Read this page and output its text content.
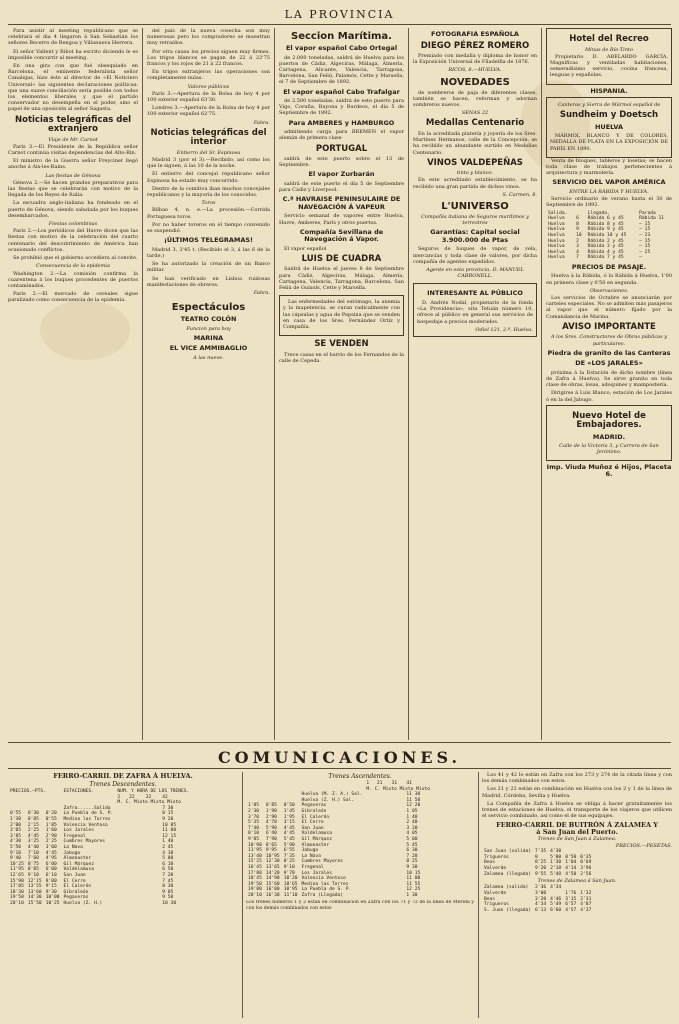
LA PROVINCIA

Para asistir al meeting republicano que se celebrará el dia 4 llegaron á San Sebastián los señores Becerro de Bengoa y Villanueva Herrera.

El señor Vallent y Ribot ha escrito diciendo le es imposible concurrir al meeting.

En una gira con que fué obsequiado en Barcelona, el eminente federalista señor Canalejas, hizo éste al director de «El Noticiero Universal» las siguientes declaraciones políticas: que una suave conciliación sería posible con todos los elementos liberales y que el partido conservador no desempeña en el poder, sino el papel de una oposición al señor Sagasta.

Noticias telegráficas del extranjero
Viaje de Mr. Carnot

París 3.—El Presidente de la República señor Carnot continúa visitas dependencias del Alto-Rin.

El ministro de la Guerra señor Freycinet llegó anoche á Aix-les-Bains.

Las fiestas de Génova

Génova 2.—Se hacen grandes preparativos para las fiestas que se celebrarán con motivo de la llegada de los Reyes de Italia.

La escuadra anglo-italiana ha fondeado en el puerto de Génova, siendo saludada por los buques desembarcados.

Fiestas colombinas

París 2.—Los periódicos del Havre dicen que las fiestas con motivo de la celebración del cuarto centenario del descubrimiento de América han ocasionado conflictos.

Se prohibió que el gobierno accediera al convite.

Consecuencia de la epidemia

Washington 2.—La comisión confirma la cuarentena á los buques procedentes de puertos contaminados.

París 2.—El mercado de cereales sigue paralizado como consecuencia de la epidemia.

del país de la nueva cosecha son muy numerosas pero los compradores se muestran muy retraídos.

Por otra causa los precios siguen muy firmes. Los trigos blancos se pagan de 22 á 22'75 francos y los rojos de 21 á 22 francos.

En trigos extranjeros las operaciones son completamente nulas.

Valores públicos

París 3.—Apertura de la Bolsa de hoy 4 por 100 exterior español 63'30.

Londres 3.—Apertura de la Bolsa de hoy 4 por 100 exterior español 62'75.

Fabra.
Noticias telegráficas del interior
Entierro del Sr. Espinosa

Madrid 3 (por el 3).—Recibido, así como los que le siguen, á las 10 de la noche.

El entierro del concejal republicano señor Espinosa ha estado muy concurrido.

Dentro de la comitiva iban muchos concejales republicanos y la mayoría de los conocidos.

Toros

Bilbao 4, n. e.—La procesión.—Corrida Portuguesa toros.

Por no haber toreros en el tiempo convenido se suspendió.

¡ÚLTIMOS TELEGRAMAS!

Madrid 3, 3'45 t. (Recibido el 3, á las 6 de la tarde.)

Se ha autorizado la creación de un Banco militar.

Se han verificado en Lisboa ruidosas manifestaciones de obreros.

Fabra.
Espectáculos
TEATRO COLÓN
Funcion para hoy
MARINA
EL VICE AMMIBAGLIO
A las nueve.
Seccion Marítima.
El vapor español Cabo Ortegal

de 2.000 toneladas, saldrá de Huelva para los puertos de Cádiz, Algeciras, Málaga, Almería, Cartagena, Alicante, Valencia, Tarragona, Barcelona, San Feliú, Palamós, Cette y Marsella, el 7 de Septiembre de 1892.

El vapor español Cabo Trafalgar

de 2.500 toneladas, saldrá de este puerto para Vigo, Coruña, Bayona y Burdeos, el día 5 de Septiembre de 1892.

Para AMBERES y HAMBURGO

admitiendo carga para BREMEN el vapor alemán de primera clase

PORTUGAL

saldrá de este puerto sobre el 13 de Septiembre.

El vapor Zurbarán

saldrá de este puerto el día 5 de Septiembre para Cádiz y Liverpool.

C.ª HAVRAISE PENINSULAIRE DE NAVEGACIÓN Á VAPEUR

Servicio semanal de vapores entre Huelva, Havre, Amberes, París y otros puertos.

Compañía Sevillana de Navegación á Vapor.

El vapor español

LUIS DE CUADRA

Saldrá de Huelva el jueves 8 de Septiembre para Cádiz, Algeciras, Málaga, Almería, Cartagena, Valencia, Tarragona, Barcelona, San Feliú de Guixols, Cette y Marsella.

Las enfermedades del estómago, la anemia y la inapetencia, se curan radicalmente con las cápsulas y agua de Pepsina que se venden en casa de los Sres. Fernández Ortiz y Compañía.

SE VENDEN

Trece casas en el barrio de los Fernandos de la calle de Cepeda.

FOTOGRAFIA ESPAÑOLA
DIEGO PÉREZ ROMERO

Premiado con medalla y diploma de honor en la Exposición Universal de Filadelfia de 1876.

RICOS, 8.—HUELVA.
NOVEDADES

de sombreros de paja de diferentes clases, también se hacen, reforman y adornan sombreros nuevos.

SENAS 22
Medallas Centenario

En la acreditada platería y joyería de los Sres. Martínez Hermanos, calle de la Concepción, se ha recibido un abundante surtido en Medallas Centenario.

VINOS VALDEPEÑAS
tinto y blanco.

En este acreditado establecimiento, se ha recibido una gran partida de dichos vinos.

S. Carmen, 8.
L'UNIVERSO
Compañía italiana de Seguros marítimos y terrestres
Garantías: Capital social 3.900.000 de Ptas

Seguros de buques de vapor, de vela, mercancías y toda clase de valores, por dicha compañía de agentes expedidos.

Agente en esta provincia, D. MANUEL CABRONELL.
INTERESANTE AL PÚBLICO

D. Andrés Nodal, propietario de la fonda «La Providencia», sita Tetuán número 10, ofrece al público en general sus servicios de hospedaje a precios moderados.

Odiel 121, 2.º, Huelva.
Hotel del Recreo
Minas de Río-Tinto

Propietario D. ABELARDO GARCÍA. Magníficas y ventiladas habitaciones, esmeradísimo servicio, cocina francesa, lenguas y españolas.

HISPANIA.
Canteras y Sierra de Mármol español de
Sundheim y Doetsch
HUELVA

MÁRMOL BLANCO Y DE COLORES, MEDALLA DE PLATA EN LA EXPOSICIÓN DE PARÍS EN 1890.

Venta de bloques, tableros y losetas; se hacen toda clase de trabajos pertenecientes á arquitectura y marmolería.

SERVICIO DEL VAPOR AMÉRICA
ENTRE LA RÁBIDA Y HUELVA.

Servicio ordinario de verano hasta el 30 de Septiembre de 1892.

Salida.		Llegada.	Parada
Huelva	6	Rábida 6 y 45	Rábida 11
Huelva	8	Rábida 8 y 45	— 15
Huelva	9	Rábida 9 y 45	— 15
Huelva	10	Rábida 10 y 45	— 23
Huelva	2	Rábida 2 y 45	— 15
Huelva	3	Rábida 3 y 45	— 15
Huelva	4	Rábida 4 y 45	— 25
Huelva	7	Rábida 7 y 45	—
PRECIOS DE PASAJE.

Huelva á la Rábida, ó la Rábida á Huelva, 1'00 en primera clase y 0'50 en segunda.

Observaciones.

Los servicios de Octubre se anunciarán por carteles especiales. No se admiten más pasajeros al vapor que el número fijado por la Comandancia de Marina.

AVISO IMPORTANTE
A los Sres. Constructores de Obras públicas y particulares.
Piedra de granito de las Canteras
DE «LOS JARALES»

próxima á la Estación de dicho nombre (línea de Zafra á Huelva). Se sirve granito en toda clase de obras, losas, adoquines y mampostería.

Dirigirse á Luis Blanco, estación de Los Jarales ó en la del Jabugo.

Nuevo Hotel de Embajadores.
MADRID.
Calle de la Victoria 3, y Carrera de San Jerónimo.
Imp. Viuda Muñoz é Hijos, Placeta 6.
COMUNICACIONES.
FERRO-CARRIL DE ZAFRA Á HUELVA.
Trenes Descendentes.
PRECIOS.—PTS.			ESTACIONES.	NUM. Y HORA DE LOS TRENES.			
				2	22	32	42
				M. C. Mixto Mixto Mixto			
			Zafra......Salida				7 30
0'55	0'30	0'20	La Puebla de S. P.				8 15
1'30	0'85	0'55	Medina las Torres				9 20
2'00	2'15	1'85	Valencia Ventoso				10 05
3'05	2'25	1'60	Los Jarales				11 00
3'85	4'45	2'90	Fregenal				12 15
4'30	3'25	2'25	Cumbres Mayores				1 40
5'50	4'40	3'00	La Nava				2 45
9'10	7'10	4'45	Jabugo				4 10
9'40	7'60	4'95	Almonaster				5 00
10'25	8'75	6'00	Gil Márquez				6 10
11'95	8'85	6'00	Valdelamusa				6 50
12'65	9'10	6'10	San Juan				7 20
15'90	12'15	8'00	El Cerro				7 45
17'05	13'55	9'15	El Calerón				8 30
18'30	13'60	9'30	Gibraleón				9 05
19'50	14'30	10'00	Pegaseras				9 50
20'10	15'50	10'25	Huelva (Z. H.)				10 30
Trenes Ascendentes.
				1	21	31	41
				M. C. Mixto Mixto Mixto			
			Huelva (M. Z. A.) Sal.				11 30
			Huelva (Z. H.) Sal.				11 50
1'05	0'85	0'50	Pegaseras				12 20
2'30	1'90	1'45	Gibraleón				1 05
3'70	2'90	1'95	El Calerón				1 40
5'35	4'70	3'15	El Cerro				2 40
7'40	5'90	4'45	San Juan				3 20
8'10	6'40	4'45	Valdelamusa				4 05
9'85	7'90	5'45	Gil Márquez				5 00
10'90	8'65	5'90	Almonaster				5 45
11'95	9'95	6'55	Jabugo				6 30
13'40	10'95	7'35	La Nava				7 20
15'25	12'30	8'25	Cumbres Mayores				8 25
16'45	13'65	9'10	Fregenal				9 30
17'80	14'20	9'70	Los Jarales				10 15
18'45	14'90	10'20	Valencia Ventoso				11 00
19'50	15'60	10'65	Medina las Torres				11 55
19'80	16'00	10'95	La Puebla de S. P.				12 25
20'10	16'30	11'10	Zafra (Llegada)				1 30
Los trenes números 1 y 2 están en combinación en Zafra con los 71 y 72 de la línea de Mérida y con los demás combinados con estos

Los 41 y 42 lo están en Zafra con los 273 y 274 de la citada línea y con los demás combinados con estos.

Los 21 y 22 están en combinación en Huelva con los 2 y 1 de la línea de Madrid, Córdoba, Sevilla y Huelva.

La Compañía de Zafra á Huelva se obliga á hacer gratuitamente los trenes de estaciones de Huelva, el transporte de los viajeros que utilicen el servicio combinado, así como el de sus equipajes.

FERRO-CARRIL DE BUITRÓN Á ZALAMEA Y
á San Juan del Puerto.
Trenes de San Juan á Zalamea.
PRECIOS.—PESETAS.
San Juan (salida)	7'35	4'30		
Trigueros	8	5'00	0'50	0'35
Beas	8'25	1'30	1'04	0'69
Valverde	9'20	2'18	4'14	3'96
Zalamea (llegada)	9'55	5'48	4'50	2'56
Trenes de Zalamea á San Juan.
Zalamea (salida)	2'36	4'34		
Valverde	3'00		1'76	1'32
Beas	3'20	4'46	3'15	2'31
Trigueros	4'34	5'49	6'57	4'87
S. Juan (llegada)	6'13	6'60	4'57	4'37
